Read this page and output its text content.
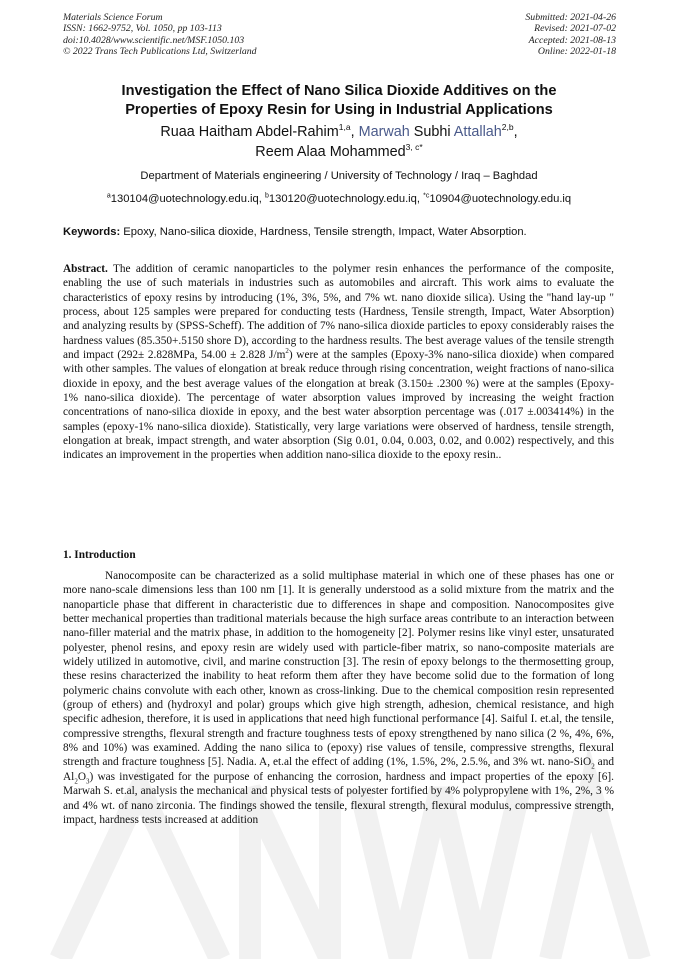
Materials Science Forum
ISSN: 1662-9752, Vol. 1050, pp 103-113
doi:10.4028/www.scientific.net/MSF.1050.103
© 2022 Trans Tech Publications Ltd, Switzerland
Submitted: 2021-04-26
Revised: 2021-07-02
Accepted: 2021-08-13
Online: 2022-01-18
Investigation the Effect of Nano Silica Dioxide Additives on the
Properties of Epoxy Resin for Using in Industrial Applications
Ruaa Haitham Abdel-Rahim$^{1,a}$, Marwah Subhi Attallah$^{2,b}$,
Reem Alaa Mohammed$^{3, c*}$
Department of Materials engineering / University of Technology / Iraq – Baghdad
$^a$130104@uotechnology.edu.iq, $^b$130120@uotechnology.edu.iq, $^{*c}$10904@uotechnology.edu.iq
Keywords: Epoxy, Nano-silica dioxide, Hardness, Tensile strength, Impact, Water Absorption.
Abstract. The addition of ceramic nanoparticles to the polymer resin enhances the performance of the composite, enabling the use of such materials in industries such as automobiles and aircraft. This work aims to evaluate the characteristics of epoxy resins by introducing (1%, 3%, 5%, and 7% wt. nano dioxide silica). Using the "hand lay-up " process, about 125 samples were prepared for conducting tests (Hardness, Tensile strength, Impact, Water Absorption) and analyzing results by (SPSS-Scheff). The addition of 7% nano-silica dioxide particles to epoxy considerably raises the hardness values (85.350+.5150 shore D), according to the hardness results. The best average values of the tensile strength and impact (292± 2.828MPa, 54.00 ± 2.828 $J/m^2$) were at the samples (Epoxy-3% nano-silica dioxide) when compared with other samples. The values of elongation at break reduce through rising concentration, weight fractions of nano-silica dioxide in epoxy, and the best average values of the elongation at break (3.150± .2300 %) were at the samples (Epoxy- 1% nano-silica dioxide). The percentage of water absorption values improved by increasing the weight fraction concentrations of nano-silica dioxide in epoxy, and the best water absorption percentage was (.017 ±.003414%) in the samples (epoxy-1% nano-silica dioxide). Statistically, very large variations were observed of hardness, tensile strength, elongation at break, impact strength, and water absorption (Sig 0.01, 0.04, 0.003, 0.02, and 0.002) respectively, and this indicates an improvement in the properties when addition nano-silica dioxide to the epoxy resin..
1. Introduction
Nanocomposite can be characterized as a solid multiphase material in which one of these phases has one or more nano-scale dimensions less than 100 nm [1]. It is generally understood as a solid mixture from the matrix and the nanoparticle phase that different in characteristic due to differences in shape and composition. Nanocomposites give better mechanical properties than traditional materials because the high surface areas contribute to an interaction between nano-filler material and the matrix phase, in addition to the homogeneity [2]. Polymer resins like vinyl ester, unsaturated polyester, phenol resins, and epoxy resin are widely used with particle-fiber matrix, so nano-composite materials are widely utilized in automotive, civil, and marine construction [3]. The resin of epoxy belongs to the thermosetting group, these resins characterized the inability to heat reform them after they have become solid due to the formation of long polymeric chains convolute with each other, known as cross-linking. Due to the chemical composition resin represented (group of ethers) and (hydroxyl and polar) groups which give high strength, adhesion, chemical resistance, and high specific adhesion, therefore, it is used in applications that need high functional performance [4]. Saiful I. et.al, the tensile, compressive strengths, flexural strength and fracture toughness tests of epoxy strengthened by nano silica (2 %, 4%, 6%, 8% and 10%) was examined. Adding the nano silica to (epoxy) rise values of tensile, compressive strengths, flexural strength and fracture toughness [5]. Nadia. A, et.al the effect of adding (1%, 1.5%, 2%, 2.5.%, and 3% wt. nano-SiO$_2$ and $Al_2O_3$) was investigated for the purpose of enhancing the corrosion, hardness and impact properties of the epoxy [6]. Marwah S. et.al, analysis the mechanical and physical tests of polyester fortified by 4% polypropylene with 1%, 2%, 3 % and 4% wt. of nano zirconia. The findings showed the tensile, flexural strength, flexural modulus, compressive strength, impact, hardness tests increased at addition
